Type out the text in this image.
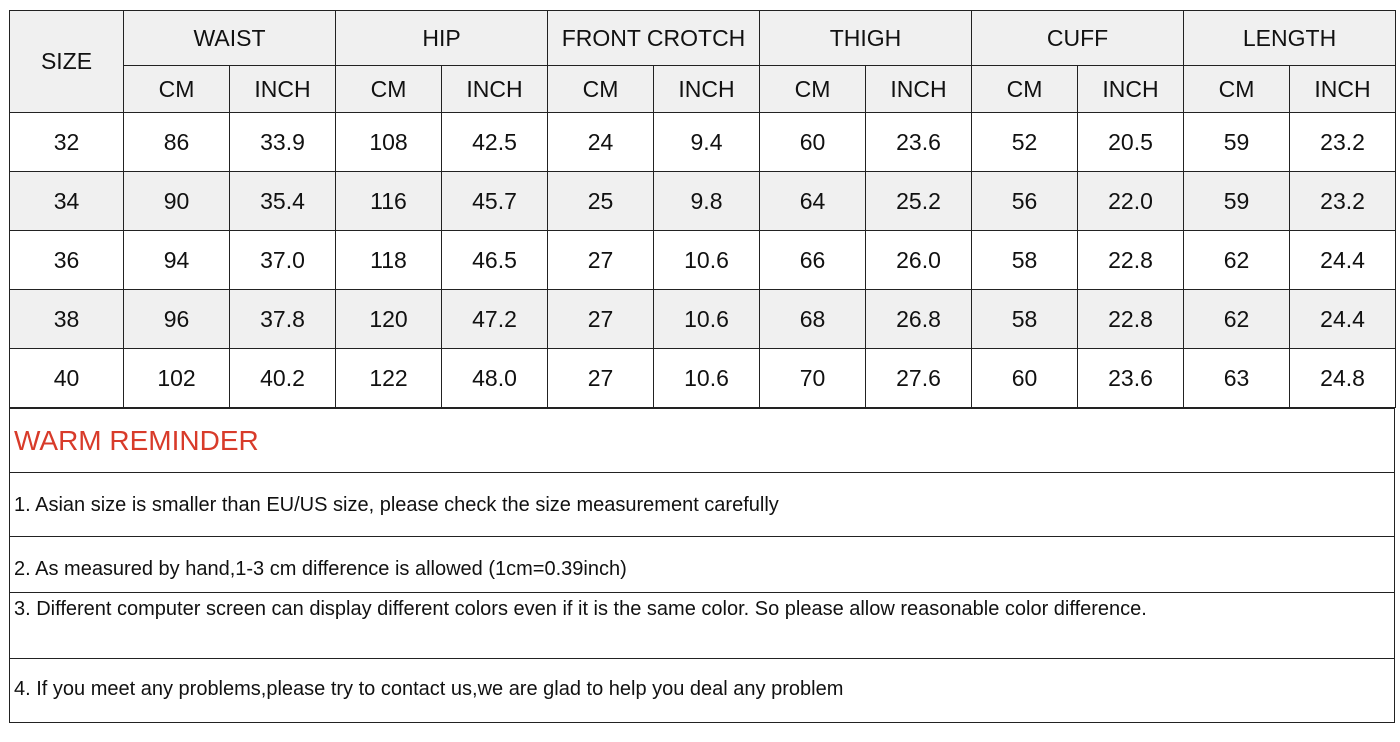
SIZE	WAIST		HIP		FRONT CROTCH		THIGH		CUFF		LENGTH	
	CM	INCH	CM	INCH	CM	INCH	CM	INCH	CM	INCH	CM	INCH
32	86	33.9	108	42.5	24	9.4	60	23.6	52	20.5	59	23.2
34	90	35.4	116	45.7	25	9.8	64	25.2	56	22.0	59	23.2
36	94	37.0	118	46.5	27	10.6	66	26.0	58	22.8	62	24.4
38	96	37.8	120	47.2	27	10.6	68	26.8	58	22.8	62	24.4
40	102	40.2	122	48.0	27	10.6	70	27.6	60	23.6	63	24.8
WARM REMINDER
1. Asian size is smaller than EU/US size, please check the size measurement carefully
2. As measured by hand,1-3 cm difference is allowed (1cm=0.39inch)
3. Different computer screen can display different colors even if it is the same color. So please allow reasonable color difference.
4. If you meet any problems,please try to contact us,we are glad to help you deal any problem
